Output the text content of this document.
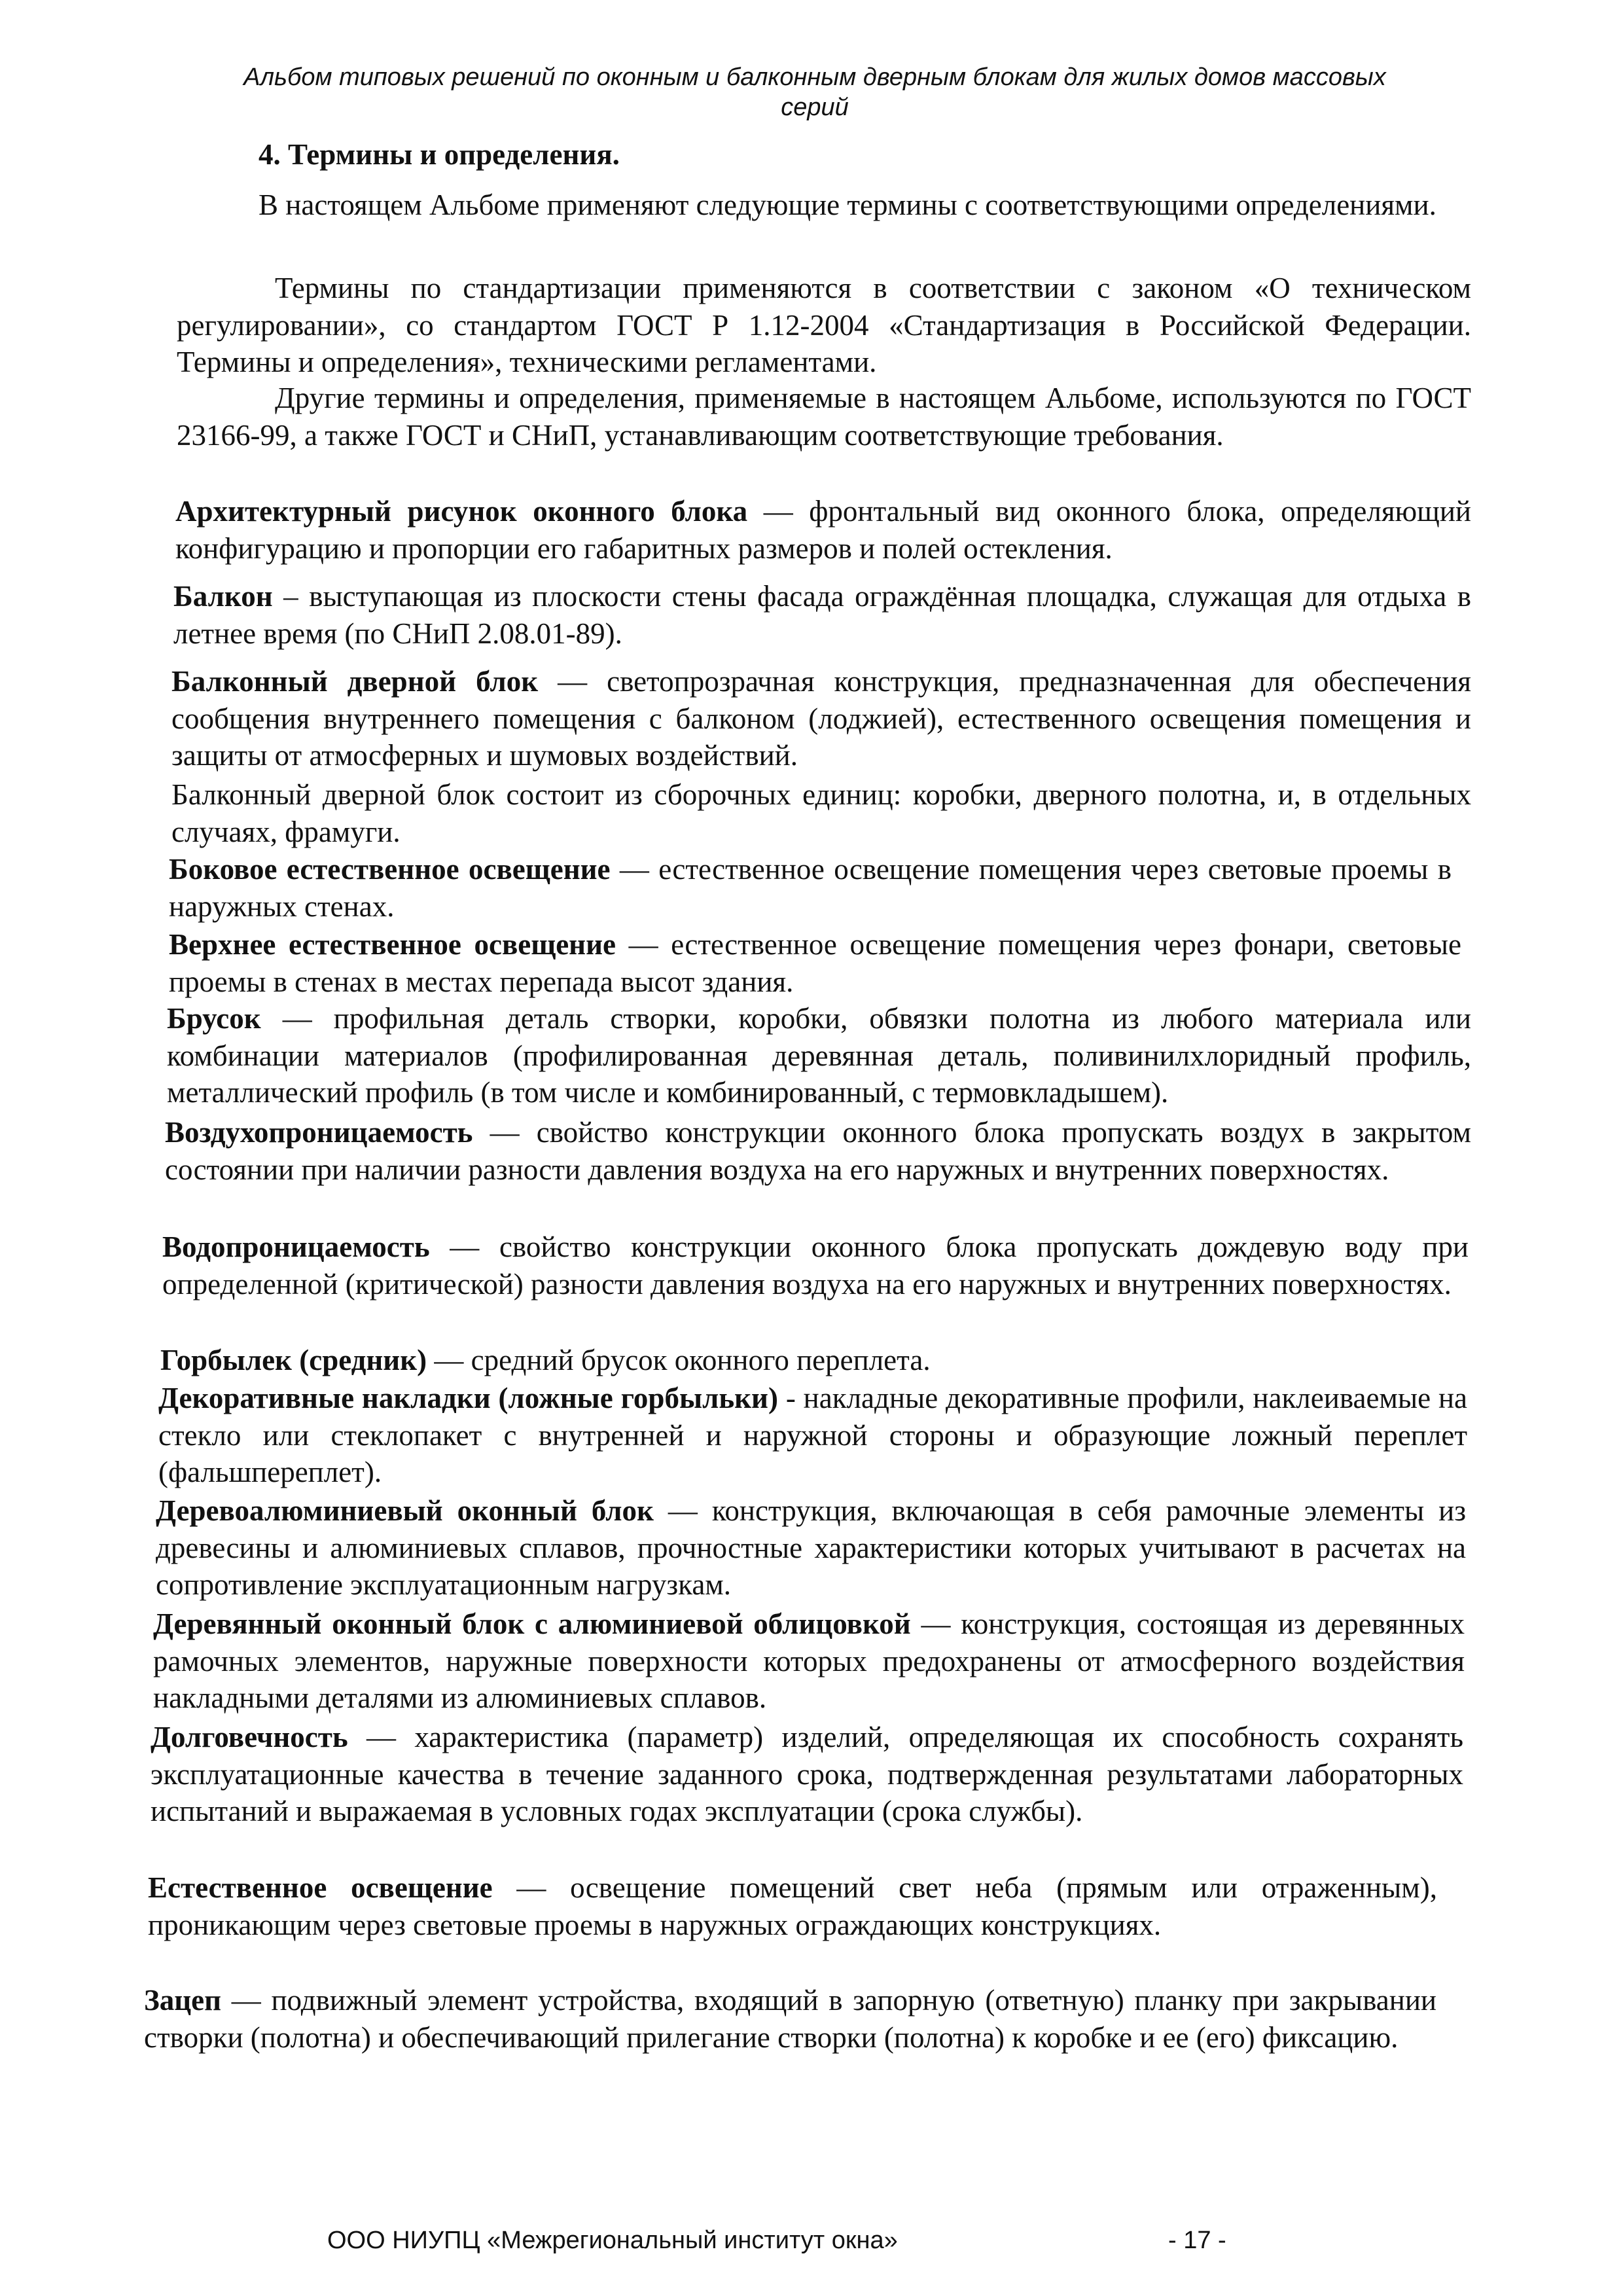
Альбом типовых решений по оконным и балконным дверным блокам для жилых домов массовых
серий
4. Термины и определения.

В настоящем Альбоме применяют следующие термины с соответствующими определениями.

Термины по стандартизации применяются в соответствии с законом «О техническом регулировании», со стандартом ГОСТ Р 1.12-2004 «Стандартизация в Российской Федерации. Термины и определения», техническими регламентами.

Другие термины и определения, применяемые в настоящем Альбоме, используются по ГОСТ 23166-99, а также ГОСТ и СНиП, устанавливающим соответствующие требования.

Архитектурный рисунок оконного блока — фронтальный вид оконного блока, определяющий конфигурацию и пропорции его габаритных размеров и полей остекления.

Балкон – выступающая из плоскости стены фасада ограждённая площадка, служащая для отдыха в летнее время (по СНиП 2.08.01-89).

Балконный дверной блок — светопрозрачная конструкция, предназначенная для обеспечения сообщения внутреннего помещения с балконом (лоджией), естественного освещения помещения и защиты от атмосферных и шумовых воздействий.

Балконный дверной блок состоит из сборочных единиц: коробки, дверного полотна, и, в отдельных случаях, фрамуги.

Боковое естественное освещение — естественное освещение помещения через световые проемы в наружных стенах.

Верхнее естественное освещение — естественное освещение помещения через фонари, световые проемы в стенах в местах перепада высот здания.

Брусок — профильная деталь створки, коробки, обвязки полотна из любого материала или комбинации материалов (профилированная деревянная деталь, поливинилхлоридный профиль, металлический профиль (в том числе и комбинированный, с термовкладышем).

Воздухопроницаемость — свойство конструкции оконного блока пропускать воздух в закрытом состоянии при наличии разности давления воздуха на его наружных и внутренних поверхностях.

Водопроницаемость — свойство конструкции оконного блока пропускать дождевую воду при определенной (критической) разности давления воздуха на его наружных и внутренних поверхностях.

Горбылек (средник) — средний брусок оконного переплета.

Декоративные накладки (ложные горбыльки) - накладные декоративные профили, наклеиваемые на стекло или стеклопакет с внутренней и наружной стороны и образующие ложный переплет (фальшпереплет).

Деревоалюминиевый оконный блок — конструкция, включающая в себя рамочные элементы из древесины и алюминиевых сплавов, прочностные характеристики которых учитывают в расчетах на сопротивление эксплуатационным нагрузкам.

Деревянный оконный блок с алюминиевой облицовкой — конструкция, состоящая из деревянных рамочных элементов, наружные поверхности которых предохранены от атмосферного воздействия накладными деталями из алюминиевых сплавов.

Долговечность — характеристика (параметр) изделий, определяющая их способность сохранять эксплуатационные качества в течение заданного срока, подтвержденная результатами лабораторных испытаний и выражаемая в условных годах эксплуатации (срока службы).

Естественное освещение — освещение помещений свет неба (прямым или отраженным), проникающим через световые проемы в наружных ограждающих конструкциях.

Зацеп — подвижный элемент устройства, входящий в запорную (ответную) планку при закрывании створки (полотна) и обеспечивающий прилегание створки (полотна) к коробке и ее (его) фиксацию.

ООО НИУПЦ «Межрегиональный институт окна»	- 17 -
